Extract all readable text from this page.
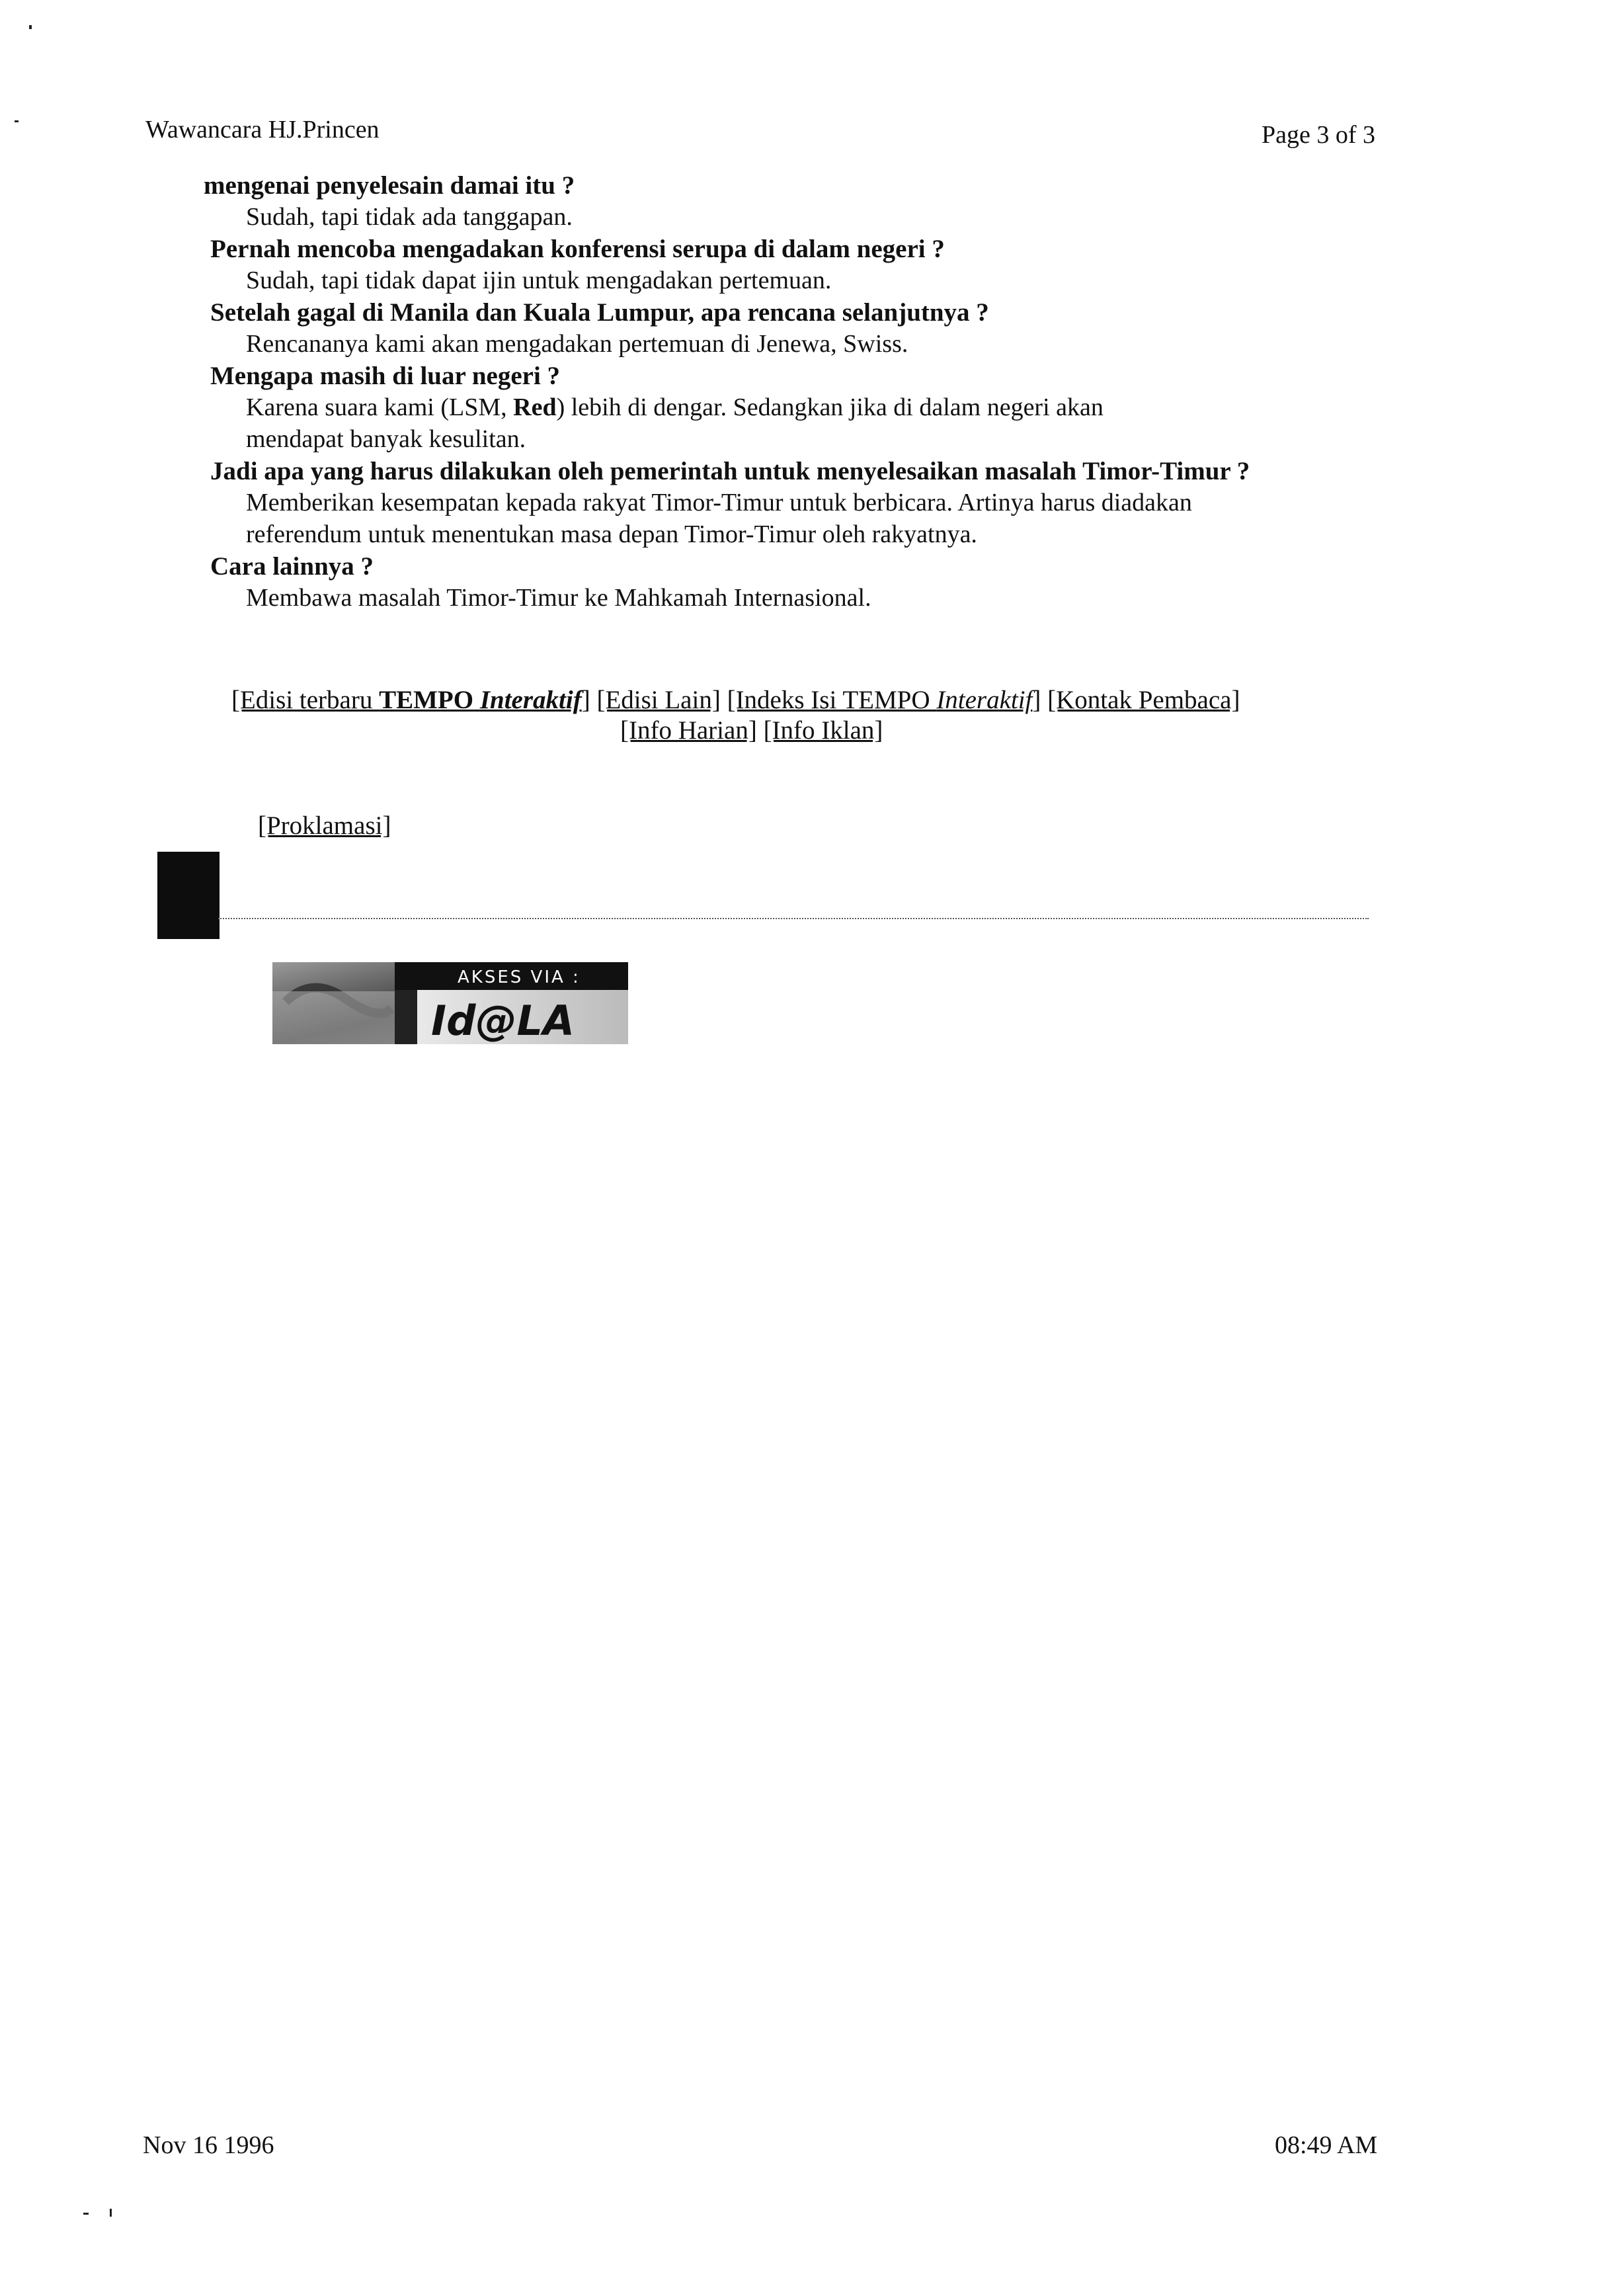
Wawancara HJ.Princen	Page 3 of 3
mengenai penyelesain damai itu ?
Sudah, tapi tidak ada tanggapan.
Pernah mencoba mengadakan konferensi serupa di dalam negeri ?
Sudah, tapi tidak dapat ijin untuk mengadakan pertemuan.
Setelah gagal di Manila dan Kuala Lumpur, apa rencana selanjutnya ?
Rencananya kami akan mengadakan pertemuan di Jenewa, Swiss.
Mengapa masih di luar negeri ?
Karena suara kami (LSM, Red) lebih di dengar. Sedangkan jika di dalam negeri akan
mendapat banyak kesulitan.
Jadi apa yang harus dilakukan oleh pemerintah untuk menyelesaikan masalah Timor-Timur ?
Memberikan kesempatan kepada rakyat Timor-Timur untuk berbicara. Artinya harus diadakan
referendum untuk menentukan masa depan Timor-Timur oleh rakyatnya.
Cara lainnya ?
Membawa masalah Timor-Timur ke Mahkamah Internasional.
[Edisi terbaru TEMPO Interaktif] [Edisi Lain] [Indeks Isi TEMPO Interaktif] [Kontak Pembaca]
[Info Harian] [Info Iklan]
[Proklamasi]
AKSES VIA :
Id@LA
Nov 16 1996	08:49 AM
